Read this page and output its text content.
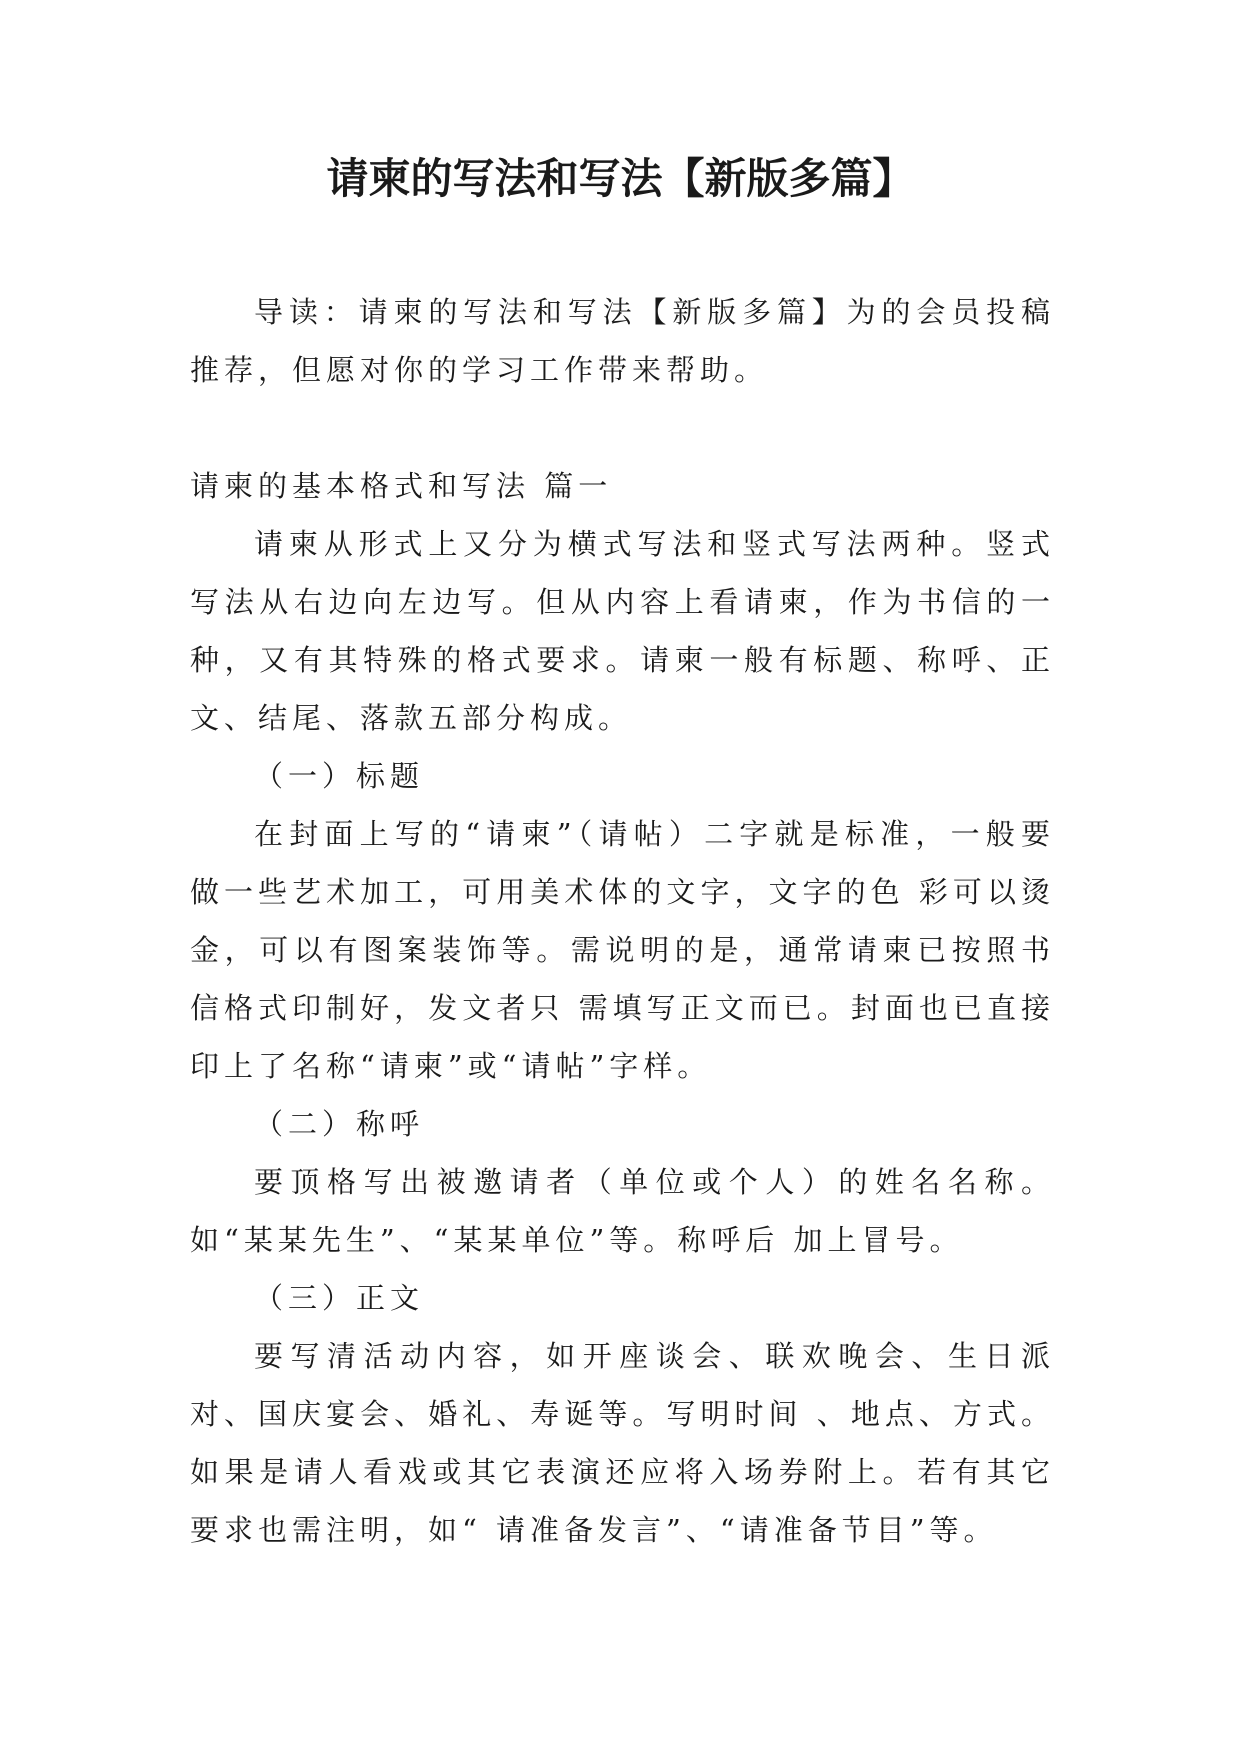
请柬的写法和写法【新版多篇】

导读：请柬的写法和写法【新版多篇】为的会员投稿推荐，但愿对你的学习工作带来帮助。

请柬的基本格式和写法 篇一

请柬从形式上又分为横式写法和竖式写法两种。竖式写法从右边向左边写。但从内容上看请柬，作为书信的一种，又有其特殊的格式要求。请柬一般有标题、称呼、正文、结尾、落款五部分构成。

（一）标题

在封面上写的“请柬”（请帖）二字就是标准，一般要做一些艺术加工，可用美术体的文字，文字的色 彩可以烫金，可以有图案装饰等。需说明的是，通常请柬已按照书信格式印制好，发文者只 需填写正文而已。封面也已直接印上了名称“请柬”或“请帖”字样。

（二）称呼

要顶格写出被邀请者（单位或个人）的姓名名称。如“某某先生”、“某某单位”等。称呼后 加上冒号。

（三）正文

要写清活动内容，如开座谈会、联欢晚会、生日派对、国庆宴会、婚礼、寿诞等。写明时间 、地点、方式。如果是请人看戏或其它表演还应将入场券附上。若有其它要求也需注明，如“ 请准备发言”、“请准备节目”等。
